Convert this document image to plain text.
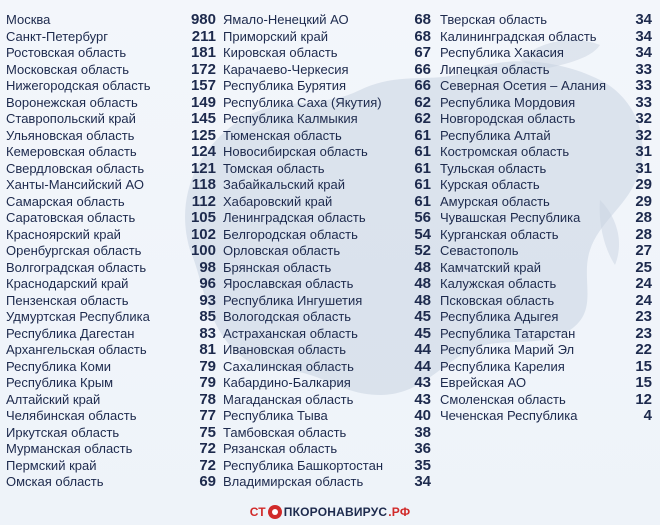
Москва	980
Санкт-Петербург	211
Ростовская область	181
Московская область	172
Нижегородская область	157
Воронежская область	149
Ставропольский край	145
Ульяновская область	125
Кемеровская область	124
Свердловская область	121
Ханты-Мансийский АО	118
Самарская область	112
Саратовская область	105
Красноярский край	102
Оренбургская область	100
Волгоградская область	98
Краснодарский край	96
Пензенская область	93
Удмуртская Республика	85
Республика Дагестан	83
Архангельская область	81
Республика Коми	79
Республика Крым	79
Алтайский край	78
Челябинская область	77
Иркутская область	75
Мурманская область	72
Пермский край	72
Омская область	69
Ямало-Ненецкий АО	68
Приморский край	68
Кировская область	67
Карачаево-Черкесия	66
Республика Бурятия	66
Республика Саха (Якутия) 62
Республика Калмыкия	62
Тюменская область	61
Новосибирская область	61
Томская область	61
Забайкальский край	61
Хабаровский край	61
Ленинградская область	56
Белгородская область	54
Орловская область	52
Брянская область	48
Ярославская область	48
Республика Ингушетия	48
Вологодская область	45
Астраханская область	45
Ивановская область	44
Сахалинская область	44
Кабардино-Балкария	43
Магаданская область	43
Республика Тыва	40
Тамбовская область	38
Рязанская область	36
Республика Башкортостан 35
Владимирская область	34
Тверская область	34
Калининградская область	34
Республика Хакасия	34
Липецкая область	33
Северная Осетия – Алания 33
Республика Мордовия	33
Новгородская область	32
Республика Алтай	32
Костромская область	31
Тульская область	31
Курская область	29
Амурская область	29
Чувашская Республика	28
Курганская область	28
Севастополь	27
Камчатский край	25
Калужская область	24
Псковская область	24
Республика Адыгея	23
Республика Татарстан	23
Республика Марий Эл	22
Республика Карелия	15
Еврейская АО	15
Смоленская область	12
Чеченская Республика	4
СТ ПКОРОНАВИРУС .РФ
